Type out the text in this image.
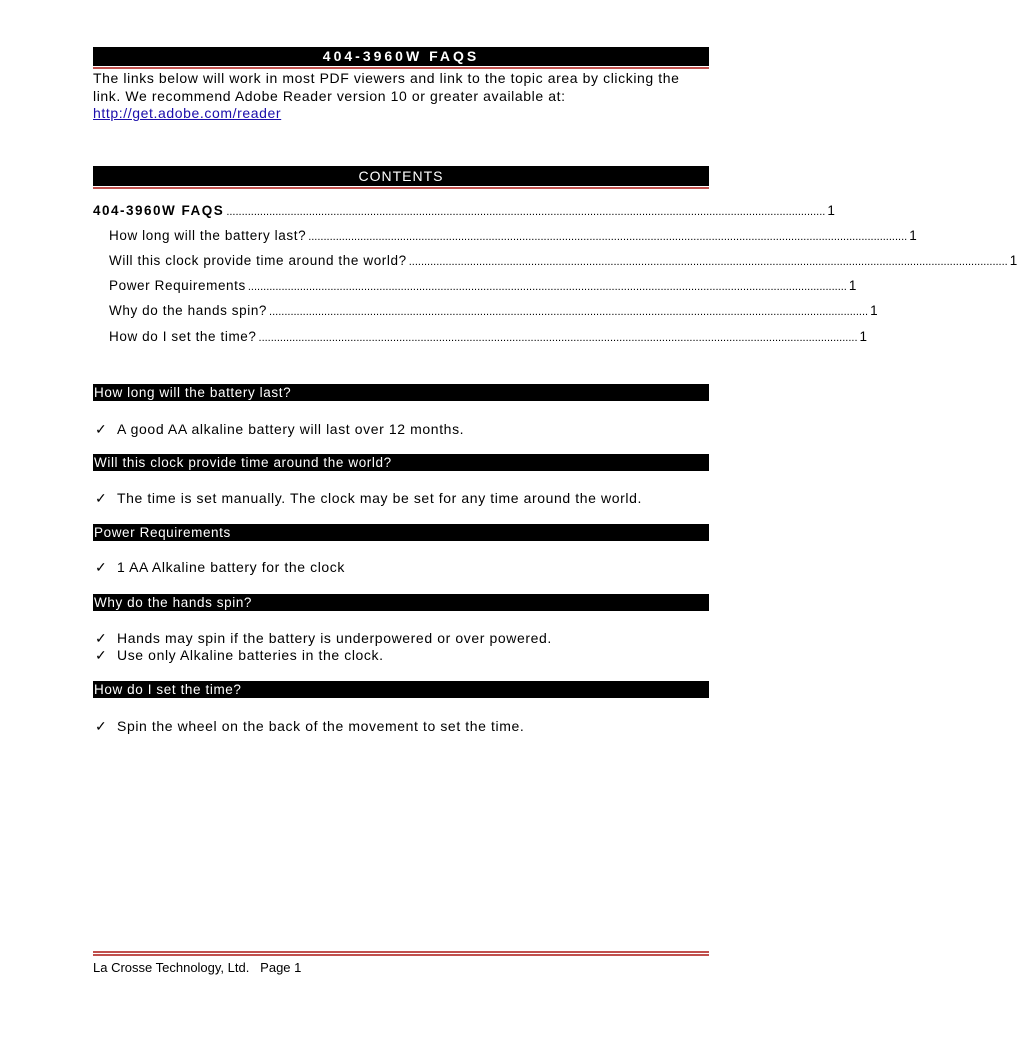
404-3960W FAQS
The links below will work in most PDF viewers and link to the topic area by clicking the link. We recommend Adobe Reader version 10 or greater available at:
http://get.adobe.com/reader
CONTENTS
404-3960W FAQS .................................................................................................................................................................................................... 1
How long will the battery last? .................................................................................................................................................................................................... 1
Will this clock provide time around the world? .................................................................................................................................................................................................... 1
Power Requirements .................................................................................................................................................................................................... 1
Why do the hands spin? .................................................................................................................................................................................................... 1
How do I set the time? .................................................................................................................................................................................................... 1
How long will the battery last?
✓ A good AA alkaline battery will last over 12 months.
Will this clock provide time around the world?
✓ The time is set manually. The clock may be set for any time around the world.
Power Requirements
✓ 1 AA Alkaline battery for the clock
Why do the hands spin?
✓ Hands may spin if the battery is underpowered or over powered.
✓ Use only Alkaline batteries in the clock.
How do I set the time?
✓ Spin the wheel on the back of the movement to set the time.
La Crosse Technology, Ltd.   Page 1
